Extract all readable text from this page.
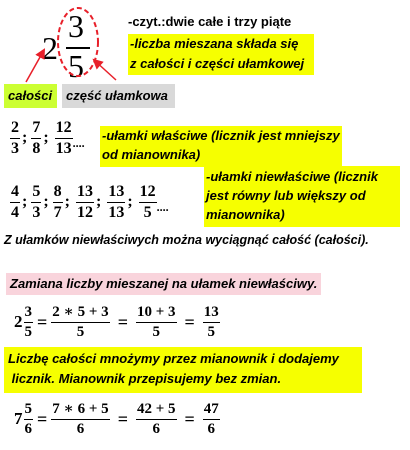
2
3
5
-czyt.:dwie całe i trzy piąte
-liczba mieszana składa się
z całości i części ułamkowej
całości	część ułamkowa
$\frac{2}{3}$ ; $\frac{7}{8}$ ; $\frac{12}{13}$ .... -ułamki właściwe (licznik jest mniejszy
od mianownika)
$\frac{4}{4}$ ; $\frac{5}{3}$ ; $\frac{8}{7}$ ; $\frac{13}{12}$ ; $\frac{13}{13}$ ; $\frac{12}{5}$ ....
-ułamki niewłaściwe (licznik
jest równy lub większy od
mianownika)
Z ułamków niewłaściwych można wyciągnąć całość (całości).
Zamiana liczby mieszanej na ułamek niewłaściwy.
$2 \frac{3}{5} = \frac{2 ∗ 5 + 3}{5} = \frac{10 + 3}{5} = \frac{13}{5}$
Liczbę całości mnożymy przez mianownik i dodajemy
licznik. Mianownik przepisujemy bez zmian.
$7 \frac{5}{6} = \frac{7 ∗ 6 + 5}{6} = \frac{42 + 5}{6} = \frac{47}{6}$
